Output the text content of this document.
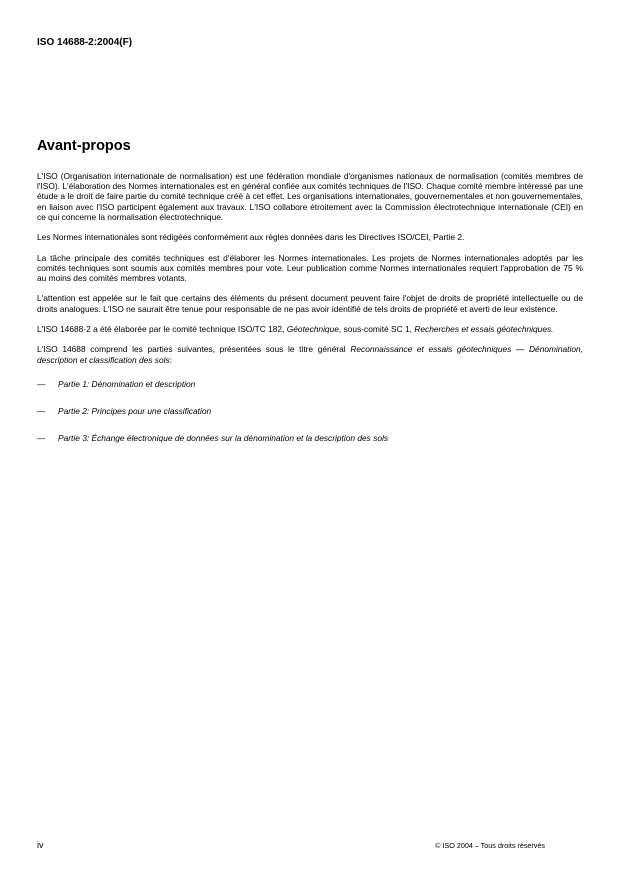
ISO 14688-2:2004(F)
Avant-propos

L'ISO (Organisation internationale de normalisation) est une fédération mondiale d'organismes nationaux de normalisation (comités membres de l'ISO). L'élaboration des Normes internationales est en général confiée aux comités techniques de l'ISO. Chaque comité membre intéressé par une étude a le droit de faire partie du comité technique créé à cet effet. Les organisations internationales, gouvernementales et non gouvernementales, en liaison avec l'ISO participent également aux travaux. L'ISO collabore étroitement avec la Commission électrotechnique internationale (CEI) en ce qui concerne la normalisation électrotechnique.

Les Normes internationales sont rédigées conformément aux règles données dans les Directives ISO/CEI, Partie 2.

La tâche principale des comités techniques est d'élaborer les Normes internationales. Les projets de Normes internationales adoptés par les comités techniques sont soumis aux comités membres pour vote. Leur publication comme Normes internationales requiert l'approbation de 75 % au moins des comités membres votants.

L'attention est appelée sur le fait que certains des éléments du présent document peuvent faire l'objet de droits de propriété intellectuelle ou de droits analogues. L'ISO ne saurait être tenue pour responsable de ne pas avoir identifié de tels droits de propriété et averti de leur existence.

L'ISO 14688-2 a été élaborée par le comité technique ISO/TC 182, Géotechnique, sous-comité SC 1, Recherches et essais géotechniques.

L'ISO 14688 comprend les parties suivantes, présentées sous le titre général Reconnaissance et essais géotechniques — Dénomination, description et classification des sols:

—	Partie 1: Dénomination et description
—	Partie 2: Principes pour une classification
—	Partie 3: Échange électronique de données sur la dénomination et la description des sols
iv	© ISO 2004 – Tous droits réservés
